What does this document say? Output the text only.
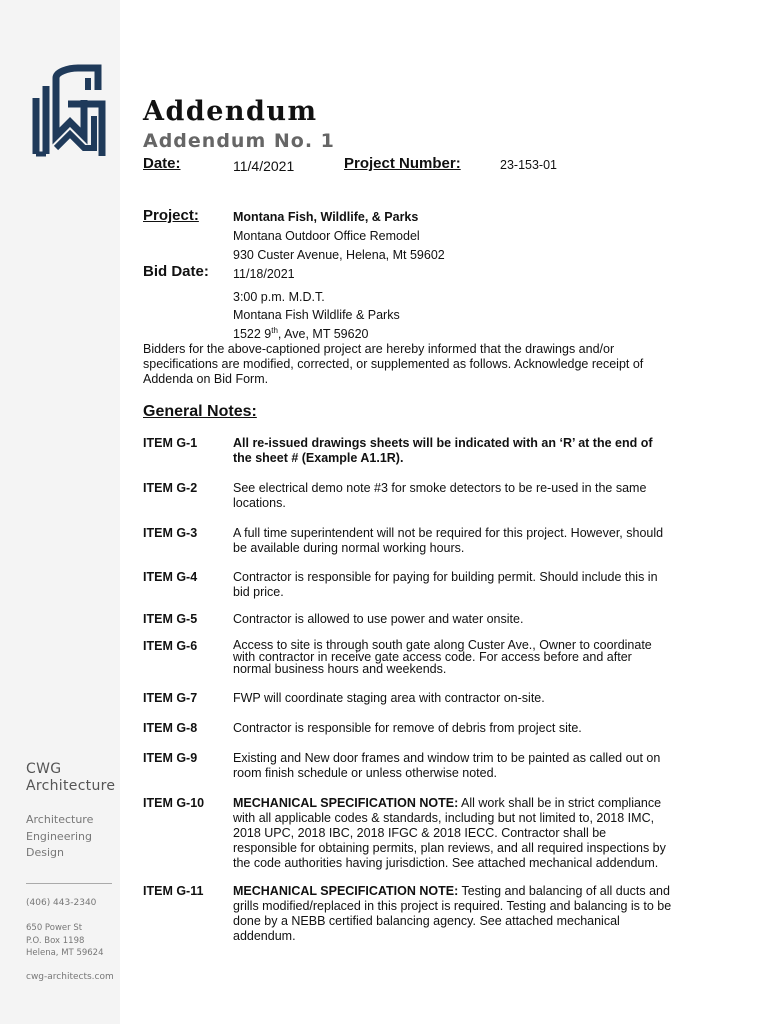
CWG
Architecture
Architecture
Engineering
Design
(406) 443-2340
650 Power St
P.O. Box 1198
Helena, MT 59624
cwg-architects.com
Addendum
Addendum No. 1
Date:	11/4/2021	Project Number:	23-153-01
Project:	Montana Fish, Wildlife, & Parks
Montana Outdoor Office Remodel
930 Custer Avenue, Helena, Mt 59602
Bid Date: 11/18/2021
3:00 p.m. M.D.T.
Montana Fish Wildlife & Parks
1522 9th, Ave, MT 59620
Bidders for the above-captioned project are hereby informed that the drawings and/or specifications are modified, corrected, or supplemented as follows. Acknowledge receipt of Addenda on Bid Form.
General Notes:
ITEM G-1	All re-issued drawings sheets will be indicated with an ‘R’ at the end of the sheet # (Example A1.1R).
ITEM G-2	See electrical demo note #3 for smoke detectors to be re-used in the same locations.
ITEM G-3	A full time superintendent will not be required for this project. However, should be available during normal working hours.
ITEM G-4	Contractor is responsible for paying for building permit. Should include this in bid price.
ITEM G-5	Contractor is allowed to use power and water onsite.
ITEM G-6	Access to site is through south gate along Custer Ave., Owner to coordinate with contractor in receive gate access code. For access before and after normal business hours and weekends.
ITEM G-7	FWP will coordinate staging area with contractor on-site.
ITEM G-8	Contractor is responsible for remove of debris from project site.
ITEM G-9	Existing and New door frames and window trim to be painted as called out on room finish schedule or unless otherwise noted.
ITEM G-10 MECHANICAL SPECIFICATION NOTE: All work shall be in strict compliance with all applicable codes & standards, including but not limited to, 2018 IMC, 2018 UPC, 2018 IBC, 2018 IFGC & 2018 IECC. Contractor shall be responsible for obtaining permits, plan reviews, and all required inspections by the code authorities having jurisdiction. See attached mechanical addendum.
ITEM G-11 MECHANICAL SPECIFICATION NOTE: Testing and balancing of all ducts and grills modified/replaced in this project is required. Testing and balancing is to be done by a NEBB certified balancing agency. See attached mechanical addendum.
